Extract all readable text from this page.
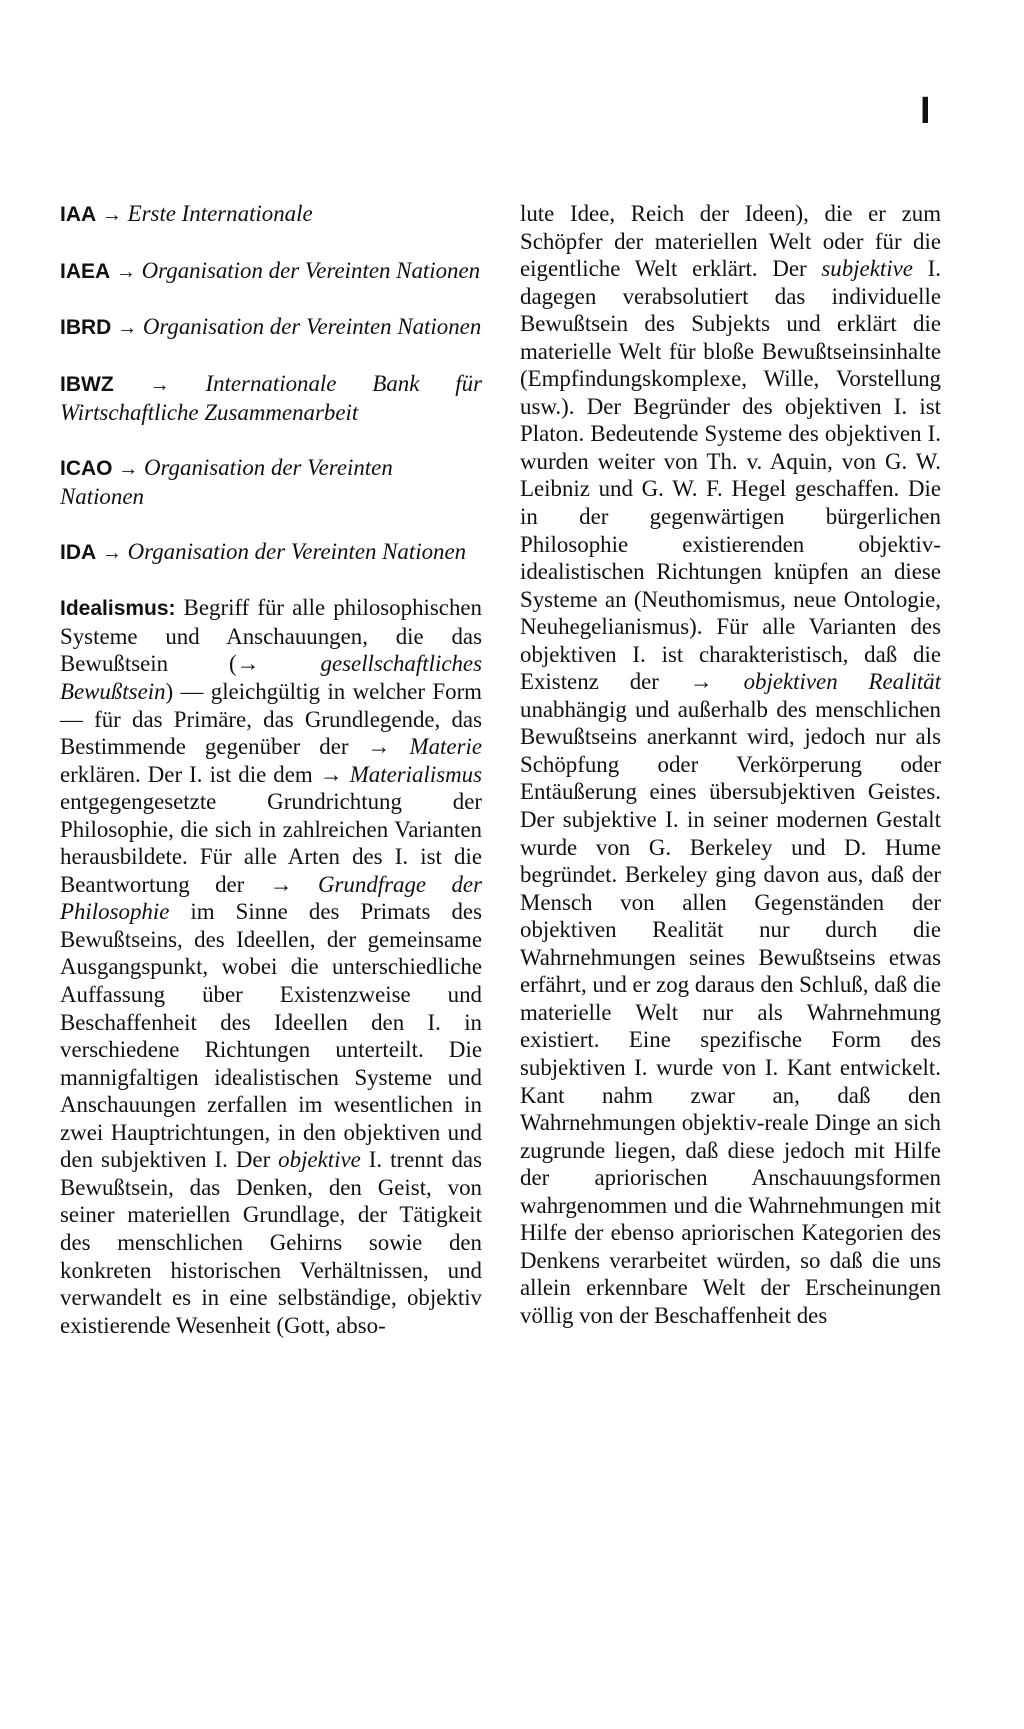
I
IAA → Erste Internationale
IAEA → Organisation der Vereinten Nationen
IBRD → Organisation der Vereinten Nationen
IBWZ → Internationale Bank für Wirtschaftliche Zusammenarbeit
ICAO → Organisation der Vereinten Nationen
IDA → Organisation der Vereinten Nationen
Idealismus: Begriff für alle philosophischen Systeme und Anschauungen, die das Bewußtsein (→ gesellschaftliches Bewußtsein) — gleichgültig in welcher Form — für das Primäre, das Grundlegende, das Bestimmende gegenüber der → Materie erklären. Der I. ist die dem → Materialismus entgegengesetzte Grundrichtung der Philosophie, die sich in zahlreichen Varianten herausbildete. Für alle Arten des I. ist die Beantwortung der → Grundfrage der Philosophie im Sinne des Primats des Bewußtseins, des Ideellen, der gemeinsame Ausgangspunkt, wobei die unterschiedliche Auffassung über Existenzweise und Beschaffenheit des Ideellen den I. in verschiedene Richtungen unterteilt. Die mannigfaltigen idealistischen Systeme und Anschauungen zerfallen im wesentlichen in zwei Hauptrichtungen, in den objektiven und den subjektiven I. Der objektive I. trennt das Bewußtsein, das Denken, den Geist, von seiner materiellen Grundlage, der Tätigkeit des menschlichen Gehirns sowie den konkreten historischen Verhältnissen, und verwandelt es in eine selbständige, objektiv existierende Wesenheit (Gott, abso-
lute Idee, Reich der Ideen), die er zum Schöpfer der materiellen Welt oder für die eigentliche Welt erklärt. Der subjektive I. dagegen verabsolutiert das individuelle Bewußtsein des Subjekts und erklärt die materielle Welt für bloße Bewußtseinsinhalte (Empfindungskomplexe, Wille, Vorstellung usw.). Der Begründer des objektiven I. ist Platon. Bedeutende Systeme des objektiven I. wurden weiter von Th. v. Aquin, von G. W. Leibniz und G. W. F. Hegel geschaffen. Die in der gegenwärtigen bürgerlichen Philosophie existierenden objektiv-idealistischen Richtungen knüpfen an diese Systeme an (Neuthomismus, neue Ontologie, Neuhegelianismus). Für alle Varianten des objektiven I. ist charakteristisch, daß die Existenz der → objektiven Realität unabhängig und außerhalb des menschlichen Bewußtseins anerkannt wird, jedoch nur als Schöpfung oder Verkörperung oder Entäußerung eines übersubjektiven Geistes. Der subjektive I. in seiner modernen Gestalt wurde von G. Berkeley und D. Hume begründet. Berkeley ging davon aus, daß der Mensch von allen Gegenständen der objektiven Realität nur durch die Wahrnehmungen seines Bewußtseins etwas erfährt, und er zog daraus den Schluß, daß die materielle Welt nur als Wahrnehmung existiert. Eine spezifische Form des subjektiven I. wurde von I. Kant entwickelt. Kant nahm zwar an, daß den Wahrnehmungen objektiv-reale Dinge an sich zugrunde liegen, daß diese jedoch mit Hilfe der apriorischen Anschauungsformen wahrgenommen und die Wahrnehmungen mit Hilfe der ebenso apriorischen Kategorien des Denkens verarbeitet würden, so daß die uns allein erkennbare Welt der Erscheinungen völlig von der Beschaffenheit des
